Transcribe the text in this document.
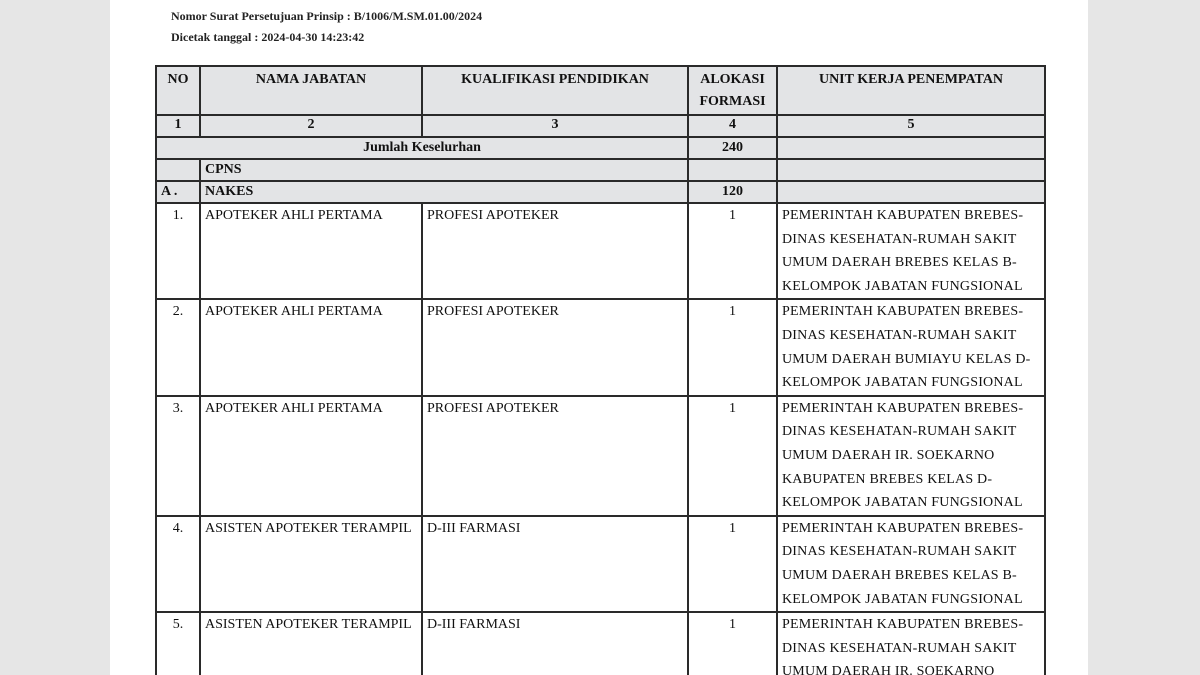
Nomor Surat Persetujuan Prinsip : B/1006/M.SM.01.00/2024
Dicetak tanggal : 2024-04-30 14:23:42
NO	NAMA JABATAN	KUALIFIKASI PENDIDIKAN	ALOKASI FORMASI	UNIT KERJA PENEMPATAN
1	2	3	4	5
Jumlah Keselurhan			240	
	CPNS			
A .	NAKES		120	
1.	APOTEKER AHLI PERTAMA	PROFESI APOTEKER	1	PEMERINTAH KABUPATEN BREBES-DINAS KESEHATAN-RUMAH SAKIT UMUM DAERAH BREBES KELAS B-KELOMPOK JABATAN FUNGSIONAL
2.	APOTEKER AHLI PERTAMA	PROFESI APOTEKER	1	PEMERINTAH KABUPATEN BREBES-DINAS KESEHATAN-RUMAH SAKIT UMUM DAERAH BUMIAYU KELAS D-KELOMPOK JABATAN FUNGSIONAL
3.	APOTEKER AHLI PERTAMA	PROFESI APOTEKER	1	PEMERINTAH KABUPATEN BREBES-DINAS KESEHATAN-RUMAH SAKIT UMUM DAERAH IR. SOEKARNO KABUPATEN BREBES KELAS D-KELOMPOK JABATAN FUNGSIONAL
4.	ASISTEN APOTEKER TERAMPIL	D-III FARMASI	1	PEMERINTAH KABUPATEN BREBES-DINAS KESEHATAN-RUMAH SAKIT UMUM DAERAH BREBES KELAS B-KELOMPOK JABATAN FUNGSIONAL
5.	ASISTEN APOTEKER TERAMPIL	D-III FARMASI	1	PEMERINTAH KABUPATEN BREBES-DINAS KESEHATAN-RUMAH SAKIT UMUM DAERAH IR. SOEKARNO
